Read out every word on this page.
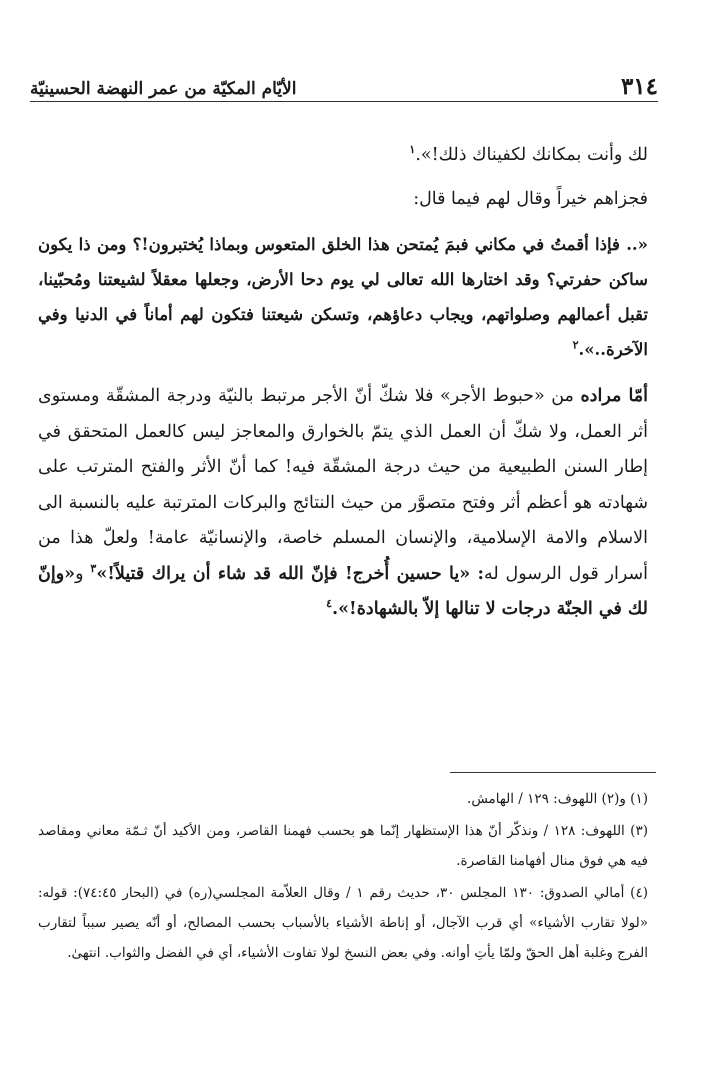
٣١٤
الأيّام المكيّة من عمر النهضة الحسينيّة

لك وأنت بمكانك لكفيناك ذلك!».$^١$

فجزاهم خيراً وقال لهم فيما قال:

«.. فإذا أقمتُ في مكاني فبمَ يُمتحن هذا الخلق المتعوس وبماذا يُختبرون!؟ ومن ذا يكون ساكن حفرتي؟ وقد اختارها الله تعالى لي يوم دحا الأرض، وجعلها معقلاً لشيعتنا ومُحبّينا، تقبل أعمالهم وصلواتهم، ويجاب دعاؤهم، وتسكن شيعتنا فتكون لهم أماناً في الدنيا وفي الآخرة..».$^٢$

أمّا مراده من «حبوط الأجر» فلا شكّ أنّ الأجر مرتبط بالنيّة ودرجة المشقّة ومستوى أثر العمل، ولا شكّ أن العمل الذي يتمّ بالخوارق والمعاجز ليس كالعمل المتحقق في إطار السنن الطبيعية من حيث درجة المشقّة فيه! كما أنّ الأثر والفتح المترتب على شهادته هو أعظم أثر وفتح متصوَّر من حيث النتائج والبركات المترتبة عليه بالنسبة الى الاسلام والامة الإسلامية، والإنسان المسلم خاصة، والإنسانيّة عامة! ولعلّ هذا من أسرار قول الرسول له: «يا حسين أُخرج! فإنّ الله قد شاء أن يراك قتيلاً!»$^٣$ و«وإنّ لك في الجنّة درجات لا تنالها إلاّ بالشهادة!».$^٤$

(١) و(٢) اللهوف: ١٢٩ / الهامش.

(٣) اللهوف: ١٢٨ / ونذكّر أنّ هذا الإستظهار إنّما هو بحسب فهمنا القاصر، ومن الأكيد أنّ ثـمّة معاني ومقاصد فيه هي فوق منال أفهامنا القاصرة.

(٤) أمالي الصدوق: ١٣٠ المجلس ٣٠، حديث رقم ١ / وقال العلاّمة المجلسي(ره) في (البحار ٧٤:٤٥): قوله: «لولا تقارب الأشياء» أي قرب الآجال، أو إناطة الأشياء بالأسباب بحسب المصالح، أو أنّه يصير سبباً لتقارب الفرج وغلبة أهل الحقّ ولمّا يأتِ أوانه. وفي بعض النسخ لولا تفاوت الأشياء، أي في الفضل والثواب. انتهىٰ.
